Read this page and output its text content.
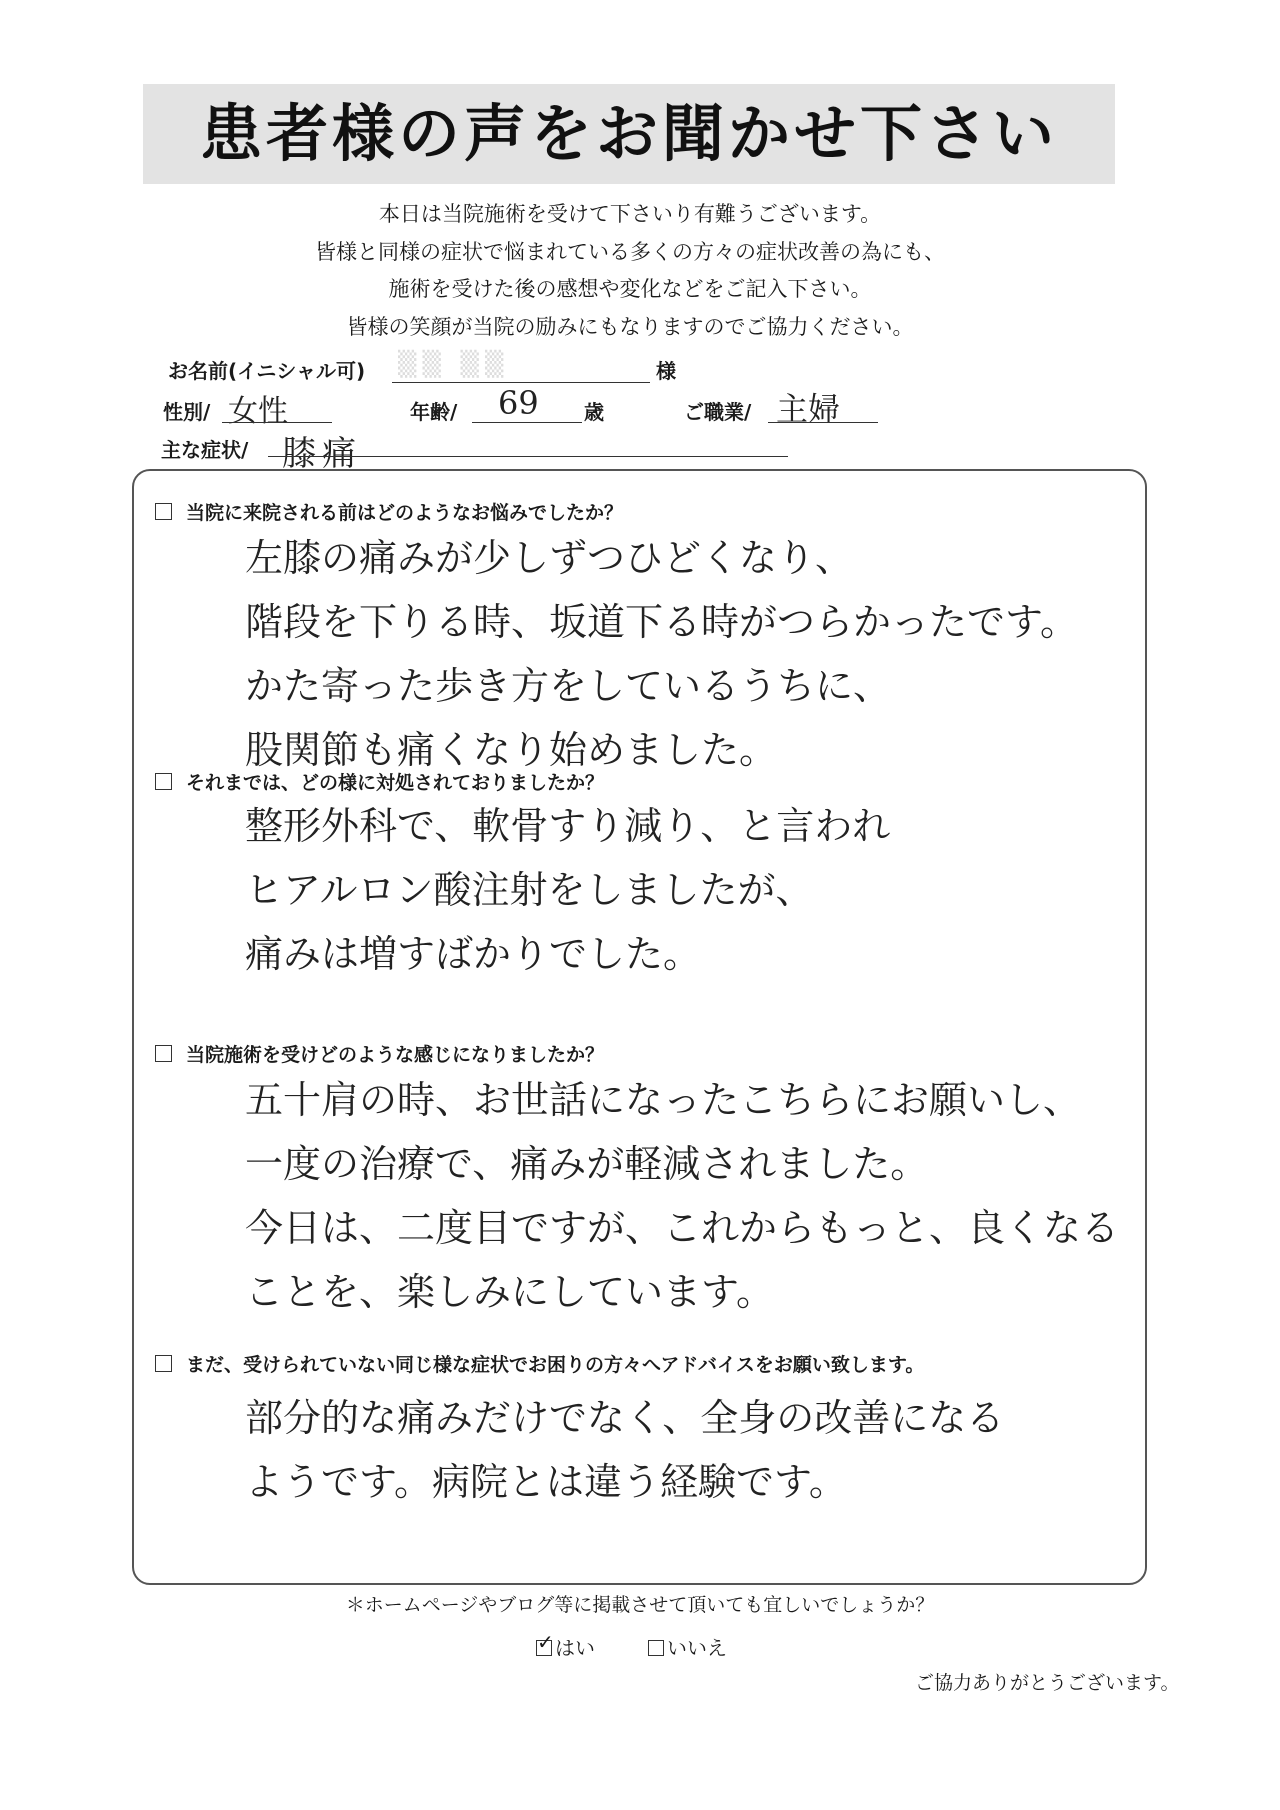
患者様の声をお聞かせ下さい
本日は当院施術を受けて下さいり有難うございます。
皆様と同様の症状で悩まれている多くの方々の症状改善の為にも、
施術を受けた後の感想や変化などをご記入下さい。
皆様の笑顔が当院の励みにもなりますのでご協力ください。
お名前(イニシャル可) ▒▒ ▒▒	様
性別/ 女性	年齢/ 69 歳	ご職業/ 主婦
主な症状/ 膝痛
当院に来院される前はどのようなお悩みでしたか？
左膝の痛みが少しずつひどくなり、
階段を下りる時、坂道下る時がつらかったです。
かた寄った歩き方をしているうちに、
股関節も痛くなり始めました。
それまでは、どの様に対処されておりましたか？
整形外科で、軟骨すり減り、と言われ
ヒアルロン酸注射をしましたが、
痛みは増すばかりでした。
当院施術を受けどのような感じになりましたか？
五十肩の時、お世話になったこちらにお願いし、
一度の治療で、痛みが軽減されました。
今日は、二度目ですが、これからもっと、良くなる
ことを、楽しみにしています。
まだ、受けられていない同じ様な症状でお困りの方々へアドバイスをお願い致します。
部分的な痛みだけでなく、全身の改善になる
ようです。病院とは違う経験です。
＊ホームページやブログ等に掲載させて頂いても宜しいでしょうか？
✓ はい	いいえ
ご協力ありがとうございます。
